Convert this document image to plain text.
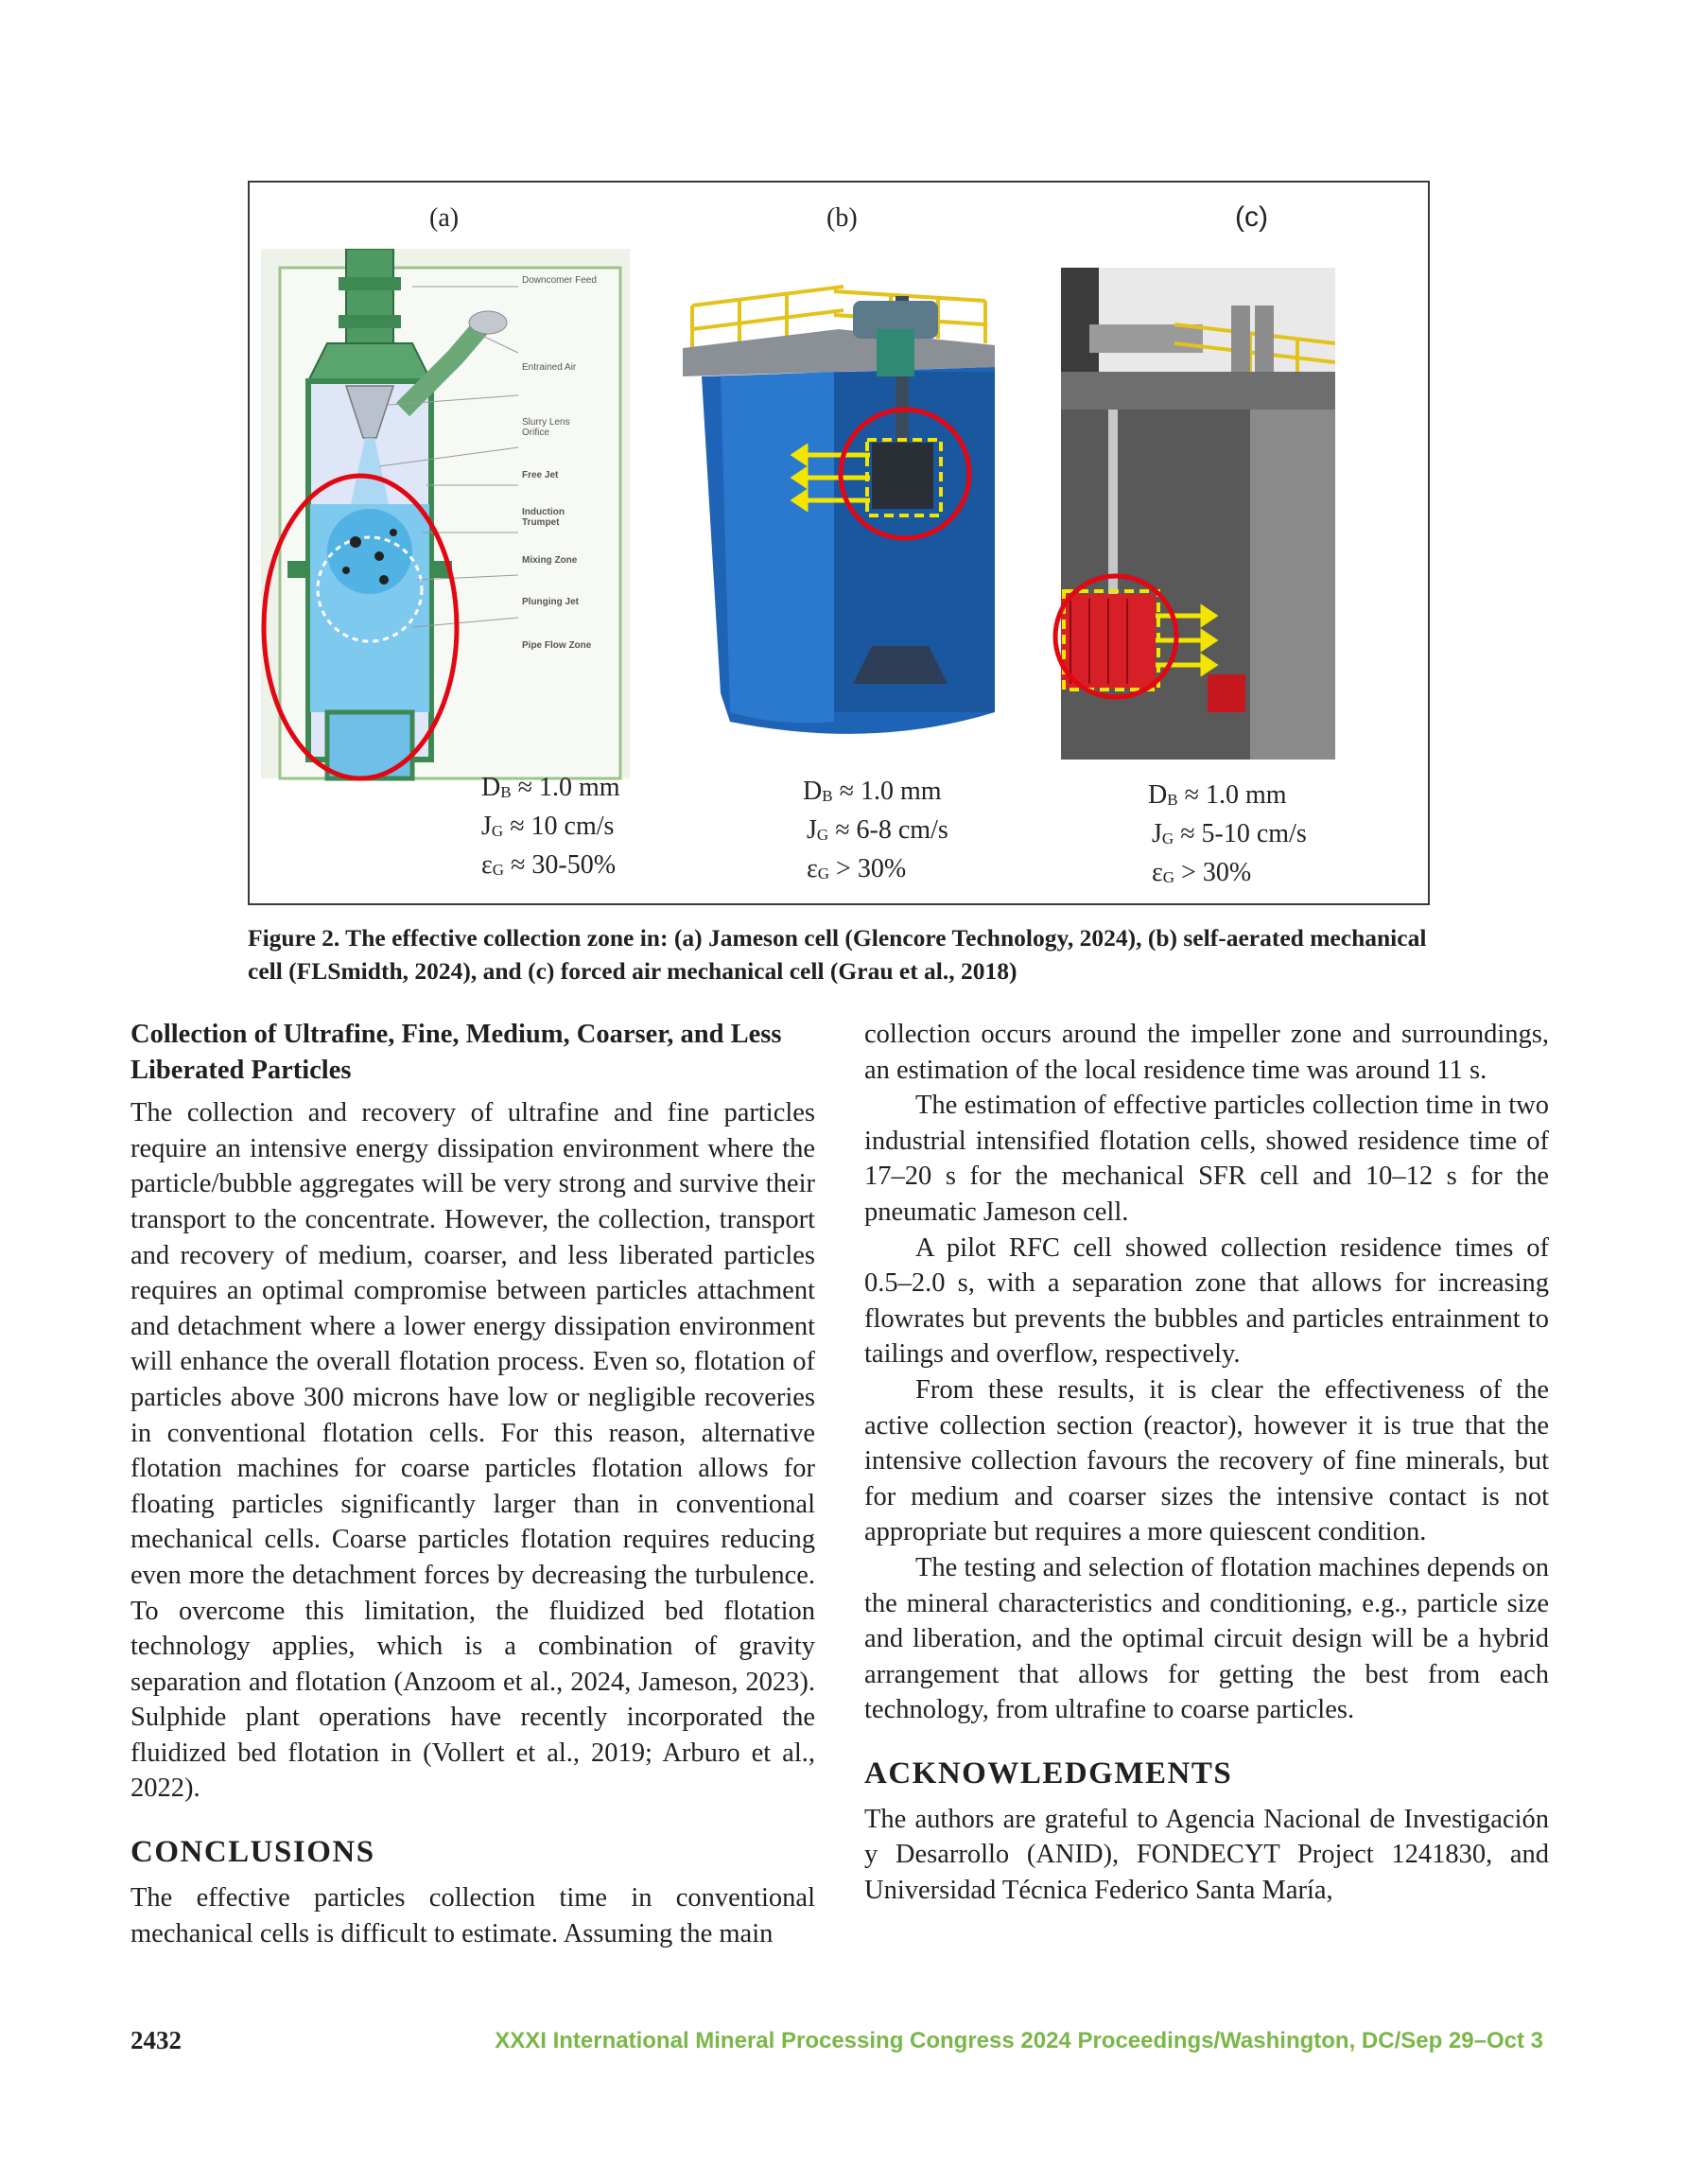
(a)	(b)	(c)
Downcomer Feed
Entrained Air
Slurry Lens Orifice
Free Jet
Induction Trumpet
Mixing Zone
Plunging Jet
Pipe Flow Zone
$D_B \approx 1.0$ mm
$J_G \approx 10$ cm/s
$\varepsilon_G \approx 30-50\%$
$D_B \approx 1.0$ mm
$J_G \approx 6-8$ cm/s
$\varepsilon_G > 30\%$
$D_B \approx 1.0$ mm
$J_G \approx 5-10$ cm/s
$\varepsilon_G > 30\%$
Figure 2. The effective collection zone in: (a) Jameson cell (Glencore Technology, 2024), (b) self-aerated mechanical cell (FLSmidth, 2024), and (c) forced air mechanical cell (Grau et al., 2018)
Collection of Ultrafine, Fine, Medium, Coarser, and Less Liberated Particles

The collection and recovery of ultrafine and fine particles require an intensive energy dissipation environment where the particle/bubble aggregates will be very strong and survive their transport to the concentrate. However, the collection, transport and recovery of medium, coarser, and less liberated particles requires an optimal compromise between particles attachment and detachment where a lower energy dissipation environment will enhance the overall flotation process. Even so, flotation of particles above 300 microns have low or negligible recoveries in conventional flotation cells. For this reason, alternative flotation machines for coarse particles flotation allows for floating particles significantly larger than in conventional mechanical cells. Coarse particles flotation requires reducing even more the detachment forces by decreasing the turbulence. To overcome this limitation, the fluidized bed flotation technology applies, which is a combination of gravity separation and flotation (Anzoom et al., 2024, Jameson, 2023). Sulphide plant operations have recently incorporated the fluidized bed flotation in (Vollert et al., 2019; Arburo et al., 2022).

CONCLUSIONS

The effective particles collection time in conventional mechanical cells is difficult to estimate. Assuming the main

collection occurs around the impeller zone and surroundings, an estimation of the local residence time was around 11 s.

The estimation of effective particles collection time in two industrial intensified flotation cells, showed residence time of 17–20 s for the mechanical SFR cell and 10–12 s for the pneumatic Jameson cell.

A pilot RFC cell showed collection residence times of 0.5–2.0 s, with a separation zone that allows for increasing flowrates but prevents the bubbles and particles entrainment to tailings and overflow, respectively.

From these results, it is clear the effectiveness of the active collection section (reactor), however it is true that the intensive collection favours the recovery of fine minerals, but for medium and coarser sizes the intensive contact is not appropriate but requires a more quiescent condition.

The testing and selection of flotation machines depends on the mineral characteristics and conditioning, e.g., particle size and liberation, and the optimal circuit design will be a hybrid arrangement that allows for getting the best from each technology, from ultrafine to coarse particles.

ACKNOWLEDGMENTS

The authors are grateful to Agencia Nacional de Investigación y Desarrollo (ANID), FONDECYT Project 1241830, and Universidad Técnica Federico Santa María,

2432	XXXI International Mineral Processing Congress 2024 Proceedings/Washington, DC/Sep 29–Oct 3
